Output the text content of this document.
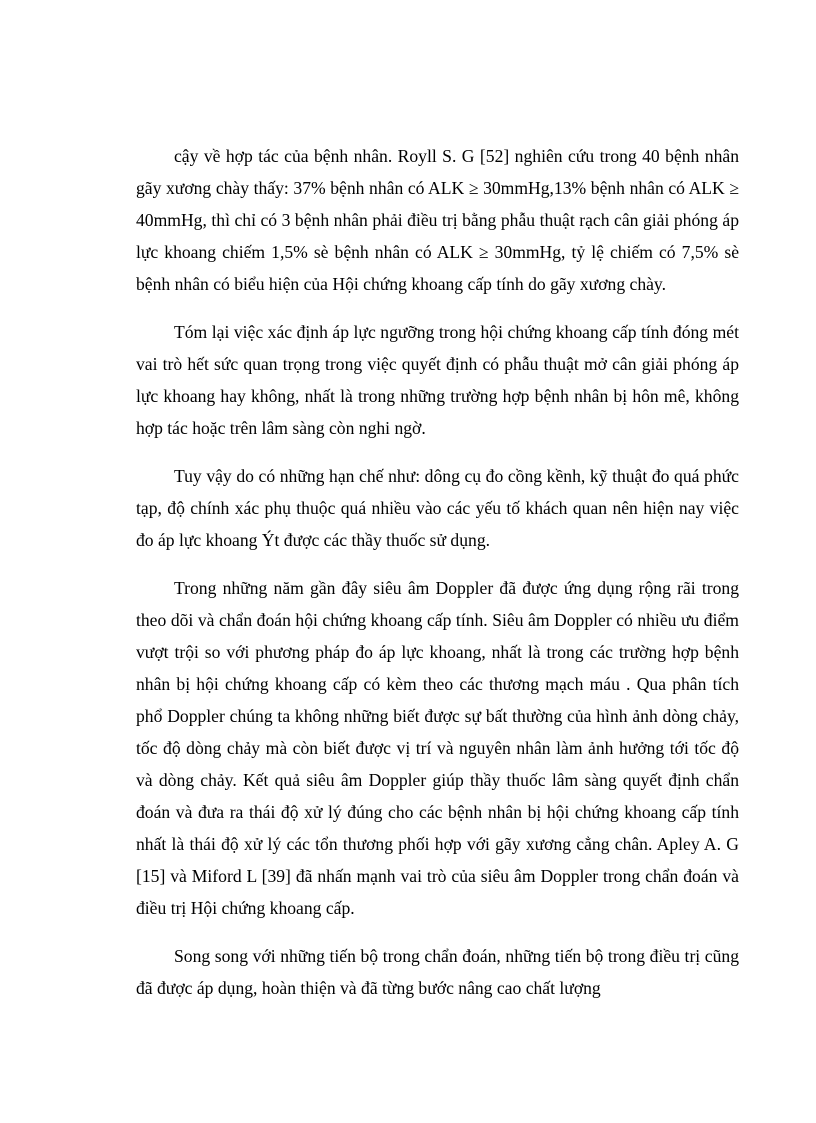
cậy về hợp tác của bệnh nhân. Royll S. G [52] nghiên cứu trong 40 bệnh nhân gãy xương chày thấy: 37% bệnh nhân có ALK ≥ 30mmHg,13% bệnh nhân có ALK ≥ 40mmHg, thì chỉ có 3 bệnh nhân phải điều trị bằng phẫu thuật rạch cân giải phóng áp lực khoang chiếm 1,5% sè bệnh nhân có ALK ≥ 30mmHg, tỷ lệ chiếm có 7,5% sè bệnh nhân có biểu hiện của Hội chứng khoang cấp tính do gãy xương chày.

Tóm lại việc xác định áp lực ngưỡng trong hội chứng khoang cấp tính đóng mét vai trò hết sức quan trọng trong việc quyết định có phẫu thuật mở cân giải phóng áp lực khoang hay không, nhất là trong những trường hợp bệnh nhân bị hôn mê, không hợp tác hoặc trên lâm sàng còn nghi ngờ.

Tuy vậy do có những hạn chế như: dông cụ đo cồng kềnh, kỹ thuật đo quá phức tạp, độ chính xác phụ thuộc quá nhiều vào các yếu tố khách quan nên hiện nay việc đo áp lực khoang Ýt được các thầy thuốc sử dụng.

Trong những năm gần đây siêu âm Doppler đã được ứng dụng rộng rãi trong theo dõi và chẩn đoán hội chứng khoang cấp tính. Siêu âm Doppler có nhiều ưu điểm vượt trội so với phương pháp đo áp lực khoang, nhất là trong các trường hợp bệnh nhân bị hội chứng khoang cấp có kèm theo các thương mạch máu . Qua phân tích phổ Doppler chúng ta không những biết được sự bất thường của hình ảnh dòng chảy, tốc độ dòng chảy mà còn biết được vị trí và nguyên nhân làm ảnh hưởng tới tốc độ và dòng chảy. Kết quả siêu âm Doppler giúp thầy thuốc lâm sàng quyết định chẩn đoán và đưa ra thái độ xử lý đúng cho các bệnh nhân bị hội chứng khoang cấp tính nhất là thái độ xử lý các tổn thương phối hợp với gãy xương cẳng chân. Apley A. G [15] và Miford L [39] đã nhấn mạnh vai trò của siêu âm Doppler trong chẩn đoán và điều trị Hội chứng khoang cấp.

Song song với những tiến bộ trong chẩn đoán, những tiến bộ trong điều trị cũng đã được áp dụng, hoàn thiện và đã từng bước nâng cao chất lượng
